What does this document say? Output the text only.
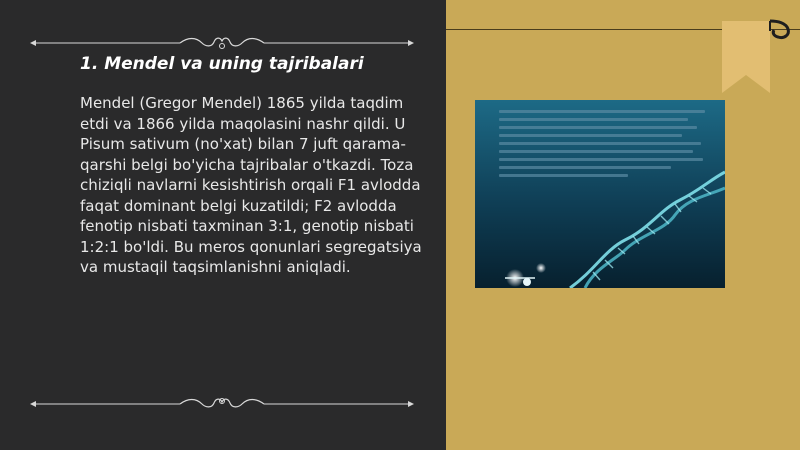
1. Mendel va uning tajribalari
Mendel (Gregor Mendel) 1865 yilda taqdim etdi va 1866 yilda maqolasini nashr qildi. U Pisum sativum (no'xat) bilan 7 juft qarama-qarshi belgi bo'yicha tajribalar o'tkazdi. Toza chiziqli navlarni kesishtirish orqali F1 avlodda faqat dominant belgi kuzatildi; F2 avlodda fenotip nisbati taxminan 3:1, genotip nisbati 1:2:1 bo'ldi. Bu meros qonunlari segregatsiya va mustaqil taqsimlanishni aniqladi.
